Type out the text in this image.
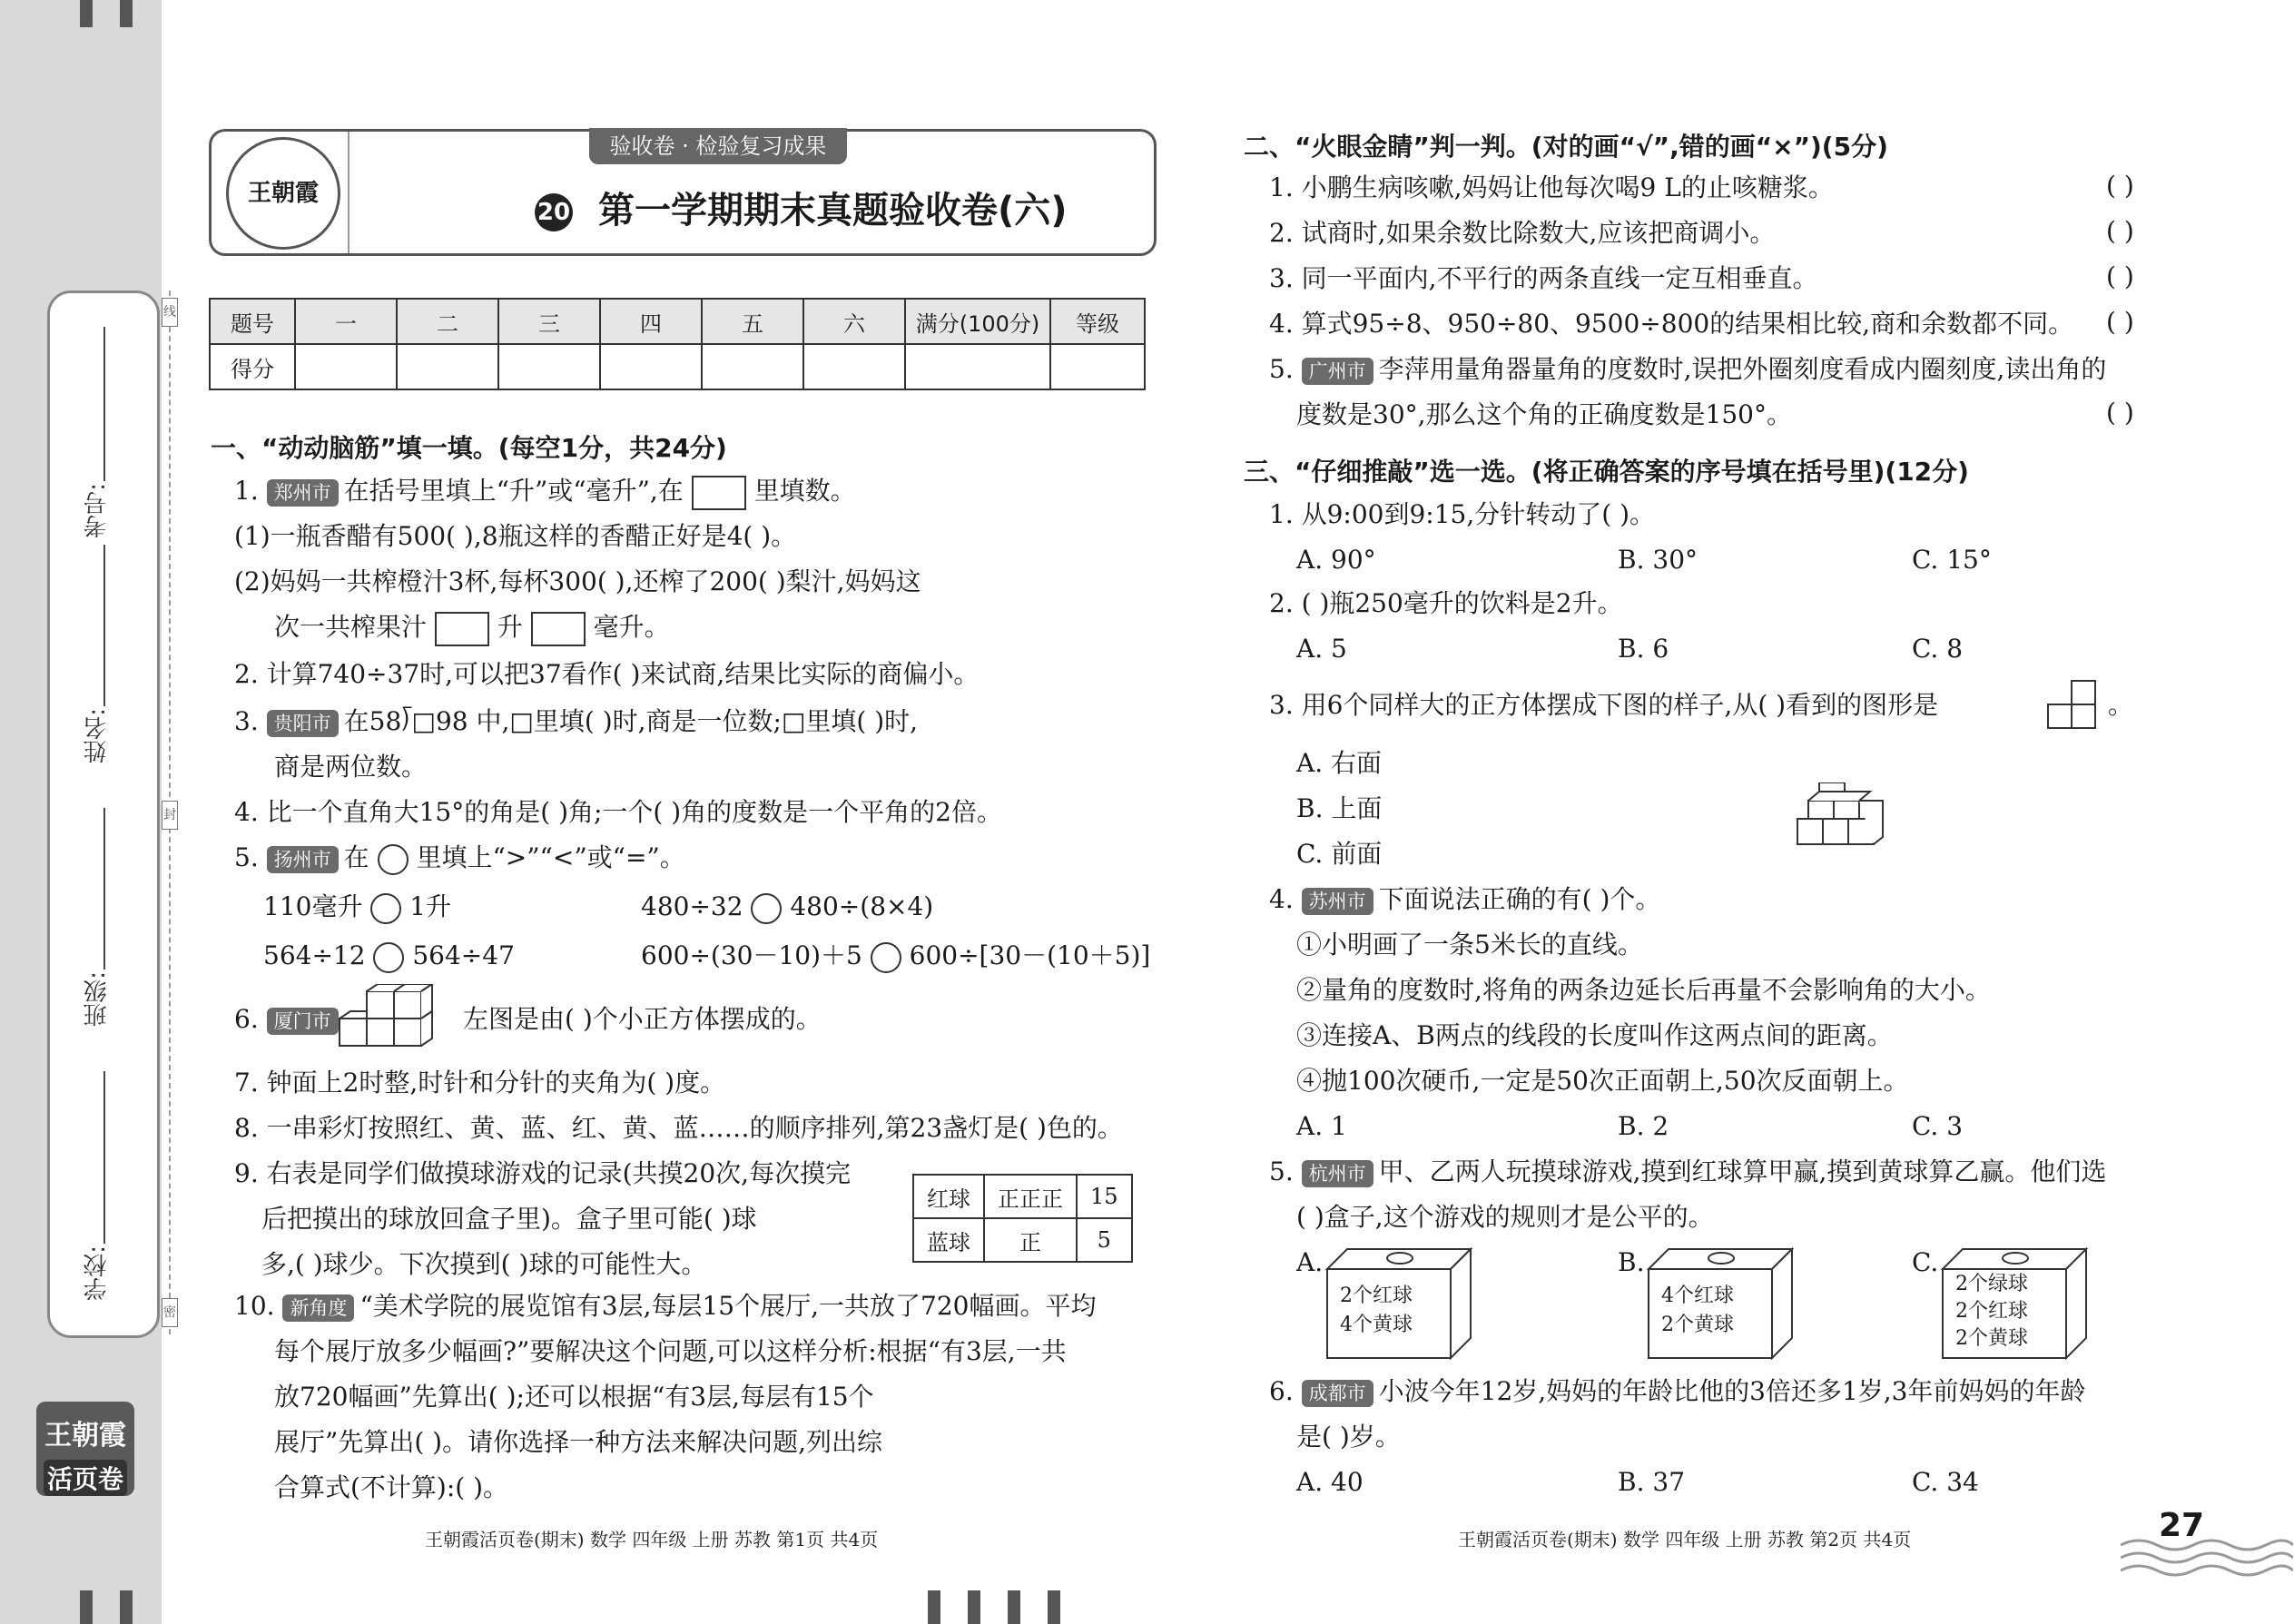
学校:
班级:
姓名:
考号:
线
封
密
王朝霞
活页卷
王朝霞
验收卷 · 检验复习成果
20 第一学期期末真题验收卷(六)
题号	一	二	三	四	五	六	满分(100分)	等级
得分								
一、“动动脑筋”填一填。(每空1分，共24分)
1. 郑州市 在括号里填上“升”或“毫升”,在	里填数。
(1)一瓶香醋有500( ),8瓶这样的香醋正好是4( )。
(2)妈妈一共榨橙汁3杯,每杯300( ),还榨了200( )梨汁,妈妈这
次一共榨果汁	升	毫升。
2. 计算740÷37时,可以把37看作( )来试商,结果比实际的商偏小。
3. 贵阳市 在58⟌□98 中,□里填( )时,商是一位数;□里填( )时,
商是两位数。
4. 比一个直角大15°的角是( )角;一个( )角的度数是一个平角的2倍。
5. 扬州市 在 里填上“>”“<”或“=”。
110毫升 1升	480÷32 480÷(8×4)
564÷12 564÷47	600÷(30－10)＋5 600÷[30－(10＋5)]
6. 厦门市	左图是由( )个小正方体摆成的。
7. 钟面上2时整,时针和分针的夹角为( )度。
8. 一串彩灯按照红、黄、蓝、红、黄、蓝……的顺序排列,第23盏灯是( )色的。
9. 右表是同学们做摸球游戏的记录(共摸20次,每次摸完
后把摸出的球放回盒子里)。盒子里可能( )球
多,( )球少。下次摸到( )球的可能性大。
红球	正正正	15
蓝球	正	5
10. 新角度 “美术学院的展览馆有3层,每层15个展厅,一共放了720幅画。平均
每个展厅放多少幅画?”要解决这个问题,可以这样分析:根据“有3层,一共
放720幅画”先算出( );还可以根据“有3层,每层有15个
展厅”先算出( )。请你选择一种方法来解决问题,列出综
合算式(不计算):( )。
王朝霞活页卷(期末) 数学 四年级 上册 苏教 第1页 共4页
二、“火眼金睛”判一判。(对的画“√”,错的画“×”)(5分)
1. 小鹏生病咳嗽,妈妈让他每次喝9 L的止咳糖浆。	( )
2. 试商时,如果余数比除数大,应该把商调小。	( )
3. 同一平面内,不平行的两条直线一定互相垂直。	( )
4. 算式95÷8、950÷80、9500÷800的结果相比较,商和余数都不同。 ( )
5. 广州市 李萍用量角器量角的度数时,误把外圈刻度看成内圈刻度,读出角的
度数是30°,那么这个角的正确度数是150°。	( )
三、“仔细推敲”选一选。(将正确答案的序号填在括号里)(12分)
1. 从9:00到9:15,分针转动了( )。
A. 90°	B. 30°	C. 15°
2. ( )瓶250毫升的饮料是2升。
A. 5	B. 6	C. 8
3. 用6个同样大的正方体摆成下图的样子,从( )看到的图形是	。
A. 右面
B. 上面
C. 前面
4. 苏州市 下面说法正确的有( )个。
①小明画了一条5米长的直线。
②量角的度数时,将角的两条边延长后再量不会影响角的大小。
③连接A、B两点的线段的长度叫作这两点间的距离。
④抛100次硬币,一定是50次正面朝上,50次反面朝上。
A. 1	B. 2	C. 3
5. 杭州市 甲、乙两人玩摸球游戏,摸到红球算甲赢,摸到黄球算乙赢。他们选
( )盒子,这个游戏的规则才是公平的。
A.
2个红球
4个黄球
B.
4个红球
2个黄球
C.
2个绿球
2个红球
2个黄球
6. 成都市 小波今年12岁,妈妈的年龄比他的3倍还多1岁,3年前妈妈的年龄
是( )岁。
A. 40	B. 37	C. 34
王朝霞活页卷(期末) 数学 四年级 上册 苏教 第2页 共4页	27
